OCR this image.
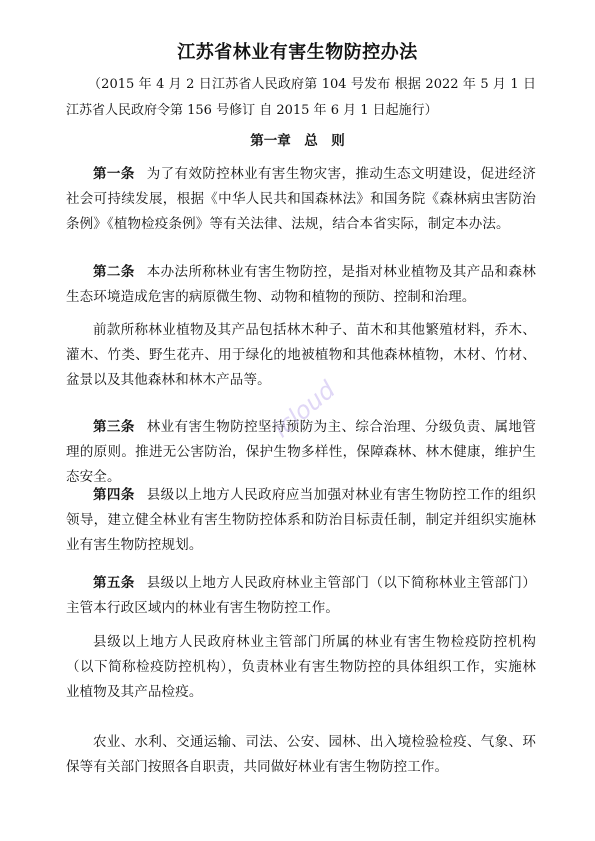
江苏省林业有害生物防控办法
（2015 年 4 月 2 日江苏省人民政府第 104 号发布 根据 2022 年 5 月 1 日江苏省人民政府令第 156 号修订 自 2015 年 6 月 1 日起施行）
第一章　总　则
第一条 为了有效防控林业有害生物灾害，推动生态文明建设，促进经济社会可持续发展，根据《中华人民共和国森林法》和国务院《森林病虫害防治条例》《植物检疫条例》等有关法律、法规，结合本省实际，制定本办法。
第二条 本办法所称林业有害生物防控，是指对林业植物及其产品和森林生态环境造成危害的病原微生物、动物和植物的预防、控制和治理。
前款所称林业植物及其产品包括林木种子、苗木和其他繁殖材料，乔木、灌木、竹类、野生花卉、用于绿化的地被植物和其他森林植物，木材、竹材、盆景以及其他森林和林木产品等。
第三条 林业有害生物防控坚持预防为主、综合治理、分级负责、属地管理的原则。推进无公害防治，保护生物多样性，保障森林、林木健康，维护生态安全。
第四条 县级以上地方人民政府应当加强对林业有害生物防控工作的组织领导，建立健全林业有害生物防控体系和防治目标责任制，制定并组织实施林业有害生物防控规划。
第五条 县级以上地方人民政府林业主管部门（以下简称林业主管部门）主管本行政区域内的林业有害生物防控工作。
县级以上地方人民政府林业主管部门所属的林业有害生物检疫防控机构（以下简称检疫防控机构），负责林业有害生物防控的具体组织工作，实施林业植物及其产品检疫。
农业、水利、交通运输、司法、公安、园林、出入境检验检疫、气象、环保等有关部门按照各自职责，共同做好林业有害生物防控工作。
icloud
